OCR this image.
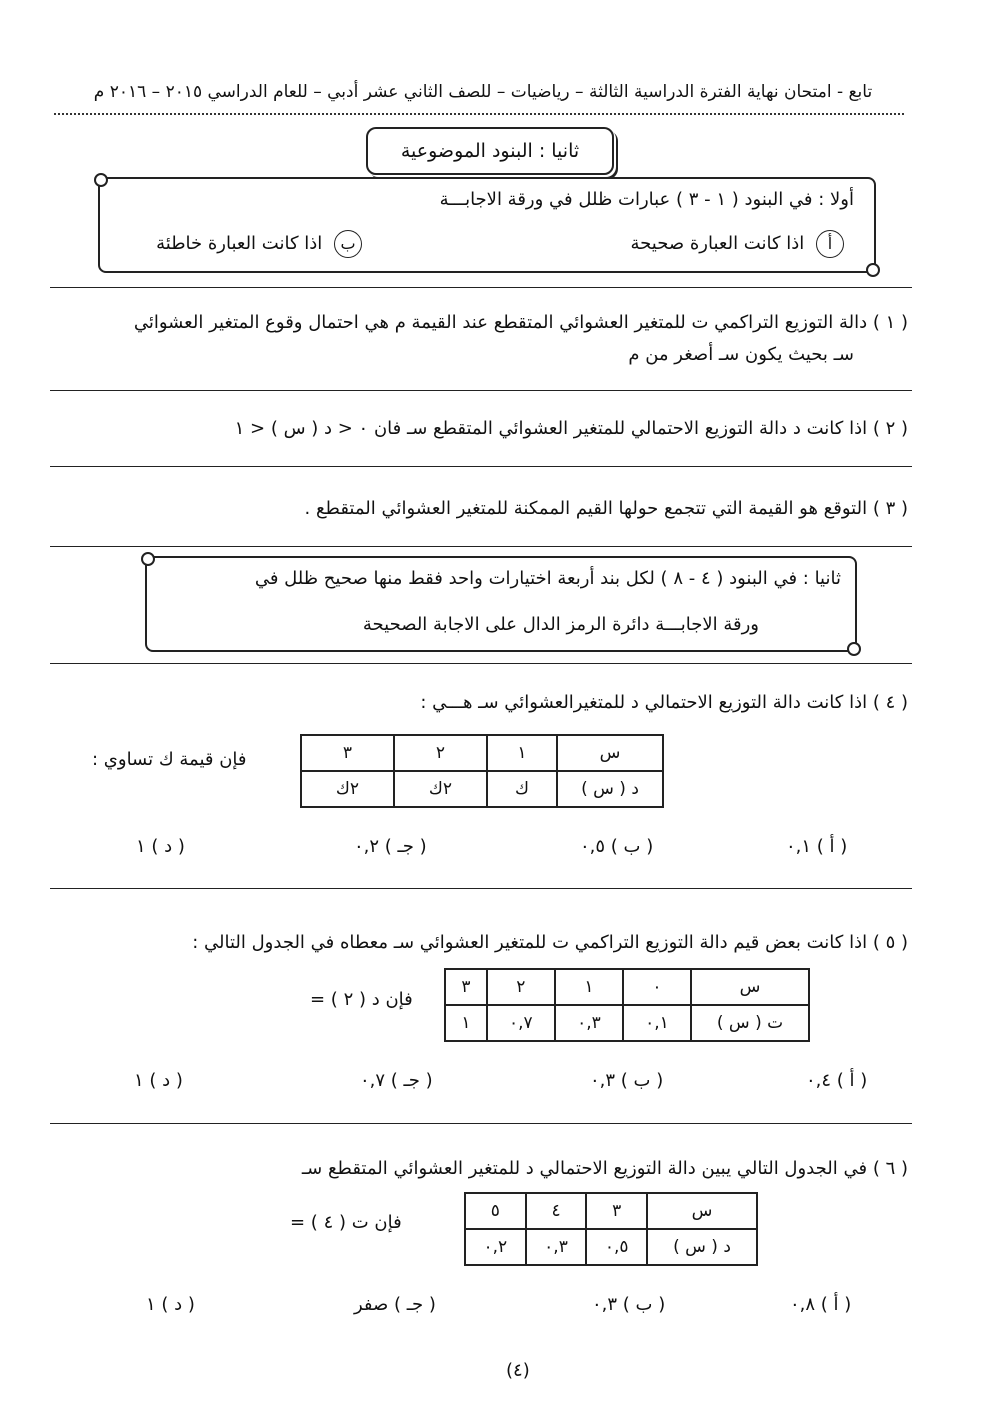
تابع - امتحان نهاية الفترة الدراسية الثالثة – رياضيات – للصف الثاني عشر أدبي – للعام الدراسي ٢٠١٥ – ٢٠١٦ م
ثانيا : البنود الموضوعية
أولا : في البنود ( ١ - ٣ ) عبارات ظلل في ورقة الاجابـــة
أ اذا كانت العبارة صحيحة
ب اذا كانت العبارة خاطئة
( ١ ) دالة التوزيع التراكمي ت للمتغير العشوائي المتقطع عند القيمة م هي احتمال وقوع المتغير العشوائي
سـ بحيث يكون سـ أصغر من م
( ٢ ) اذا كانت د دالة التوزيع الاحتمالي للمتغير العشوائي المتقطع سـ فان ٠ < د ( س ) < ١
( ٣ ) التوقع هو القيمة التي تتجمع حولها القيم الممكنة للمتغير العشوائي المتقطع .
ثانيا : في البنود ( ٤ - ٨ ) لكل بند أربعة اختيارات واحد فقط منها صحيح ظلل في
ورقة الاجابـــة دائرة الرمز الدال على الاجابة الصحيحة
( ٤ ) اذا كانت دالة التوزيع الاحتمالي د للمتغيرالعشوائي سـ هـــي :
س	١	٢	٣
د ( س )	ك	٢ك	٢ك
فإن قيمة ك تساوي :
( أ ) ٠,١
( ب ) ٠,٥
( جـ ) ٠,٢
( د ) ١
( ٥ ) اذا كانت بعض قيم دالة التوزيع التراكمي ت للمتغير العشوائي سـ معطاه في الجدول التالي :
س	٠	١	٢	٣
ت ( س )	٠,١	٠,٣	٠,٧	١
فإن د ( ٢ ) =
( أ ) ٠,٤
( ب ) ٠,٣
( جـ ) ٠,٧
( د ) ١
( ٦ ) في الجدول التالي يبين دالة التوزيع الاحتمالي د للمتغير العشوائي المتقطع سـ
س	٣	٤	٥
د ( س )	٠,٥	٠,٣	٠,٢
فإن ت ( ٤ ) =
( أ ) ٠,٨
( ب ) ٠,٣
( جـ ) صفر
( د ) ١
(٤)
